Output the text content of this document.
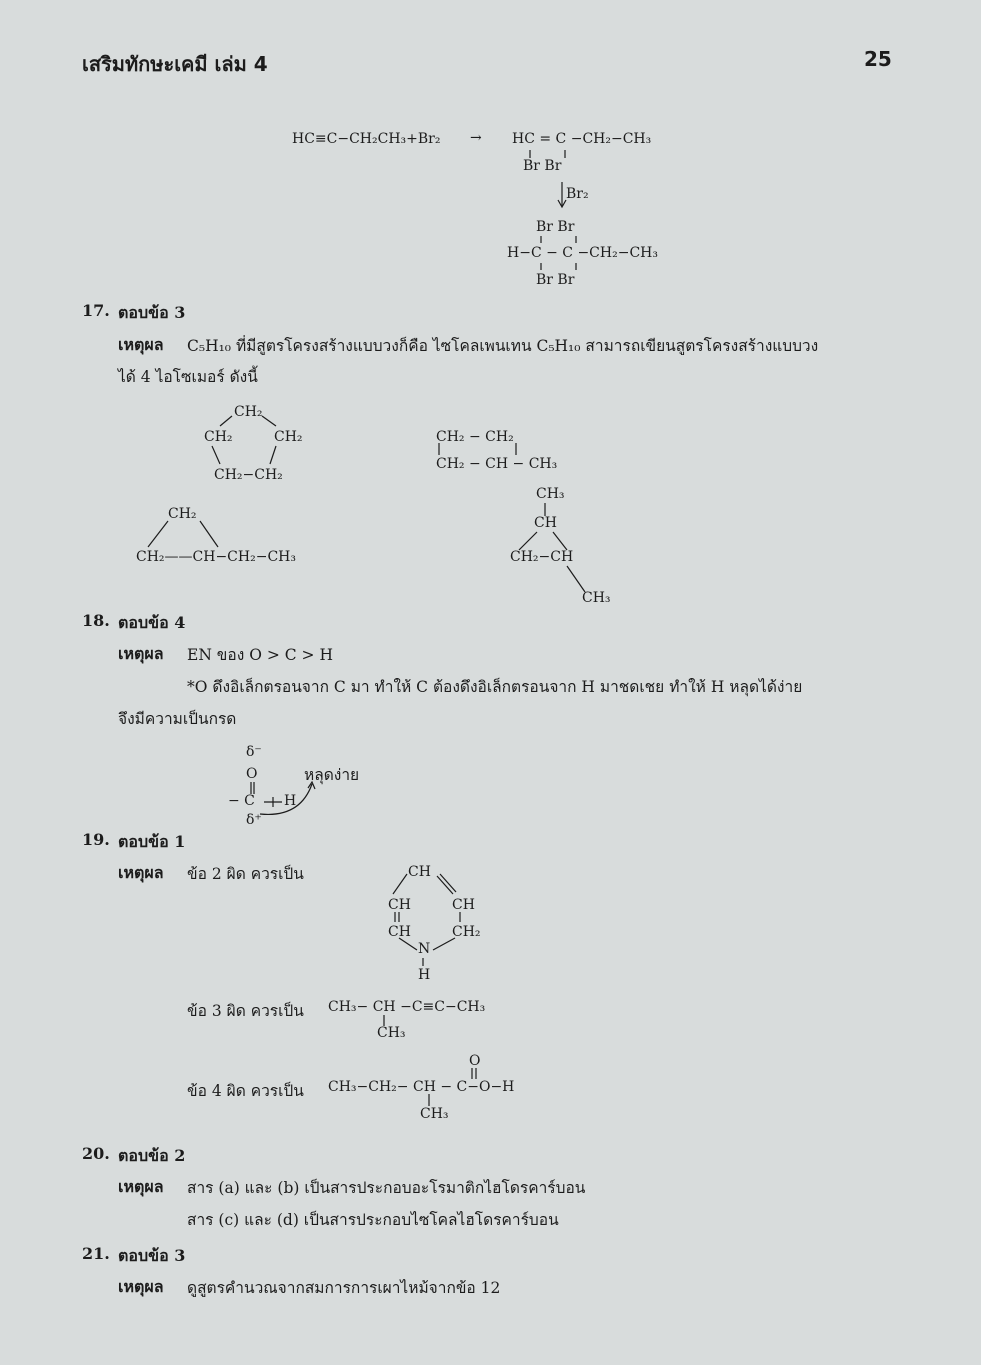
เสริมทักษะเคมี เล่ม 4	25
HC≡C−CH₂CH₃+Br₂ → HC = C −CH₂−CH₃
Br Br
Br₂
Br Br
H−C − C −CH₂−CH₃
Br Br
17. ตอบข้อ 3
เหตุผล C₅H₁₀ ที่มีสูตรโครงสร้างแบบวงก็คือ ไซโคลเพนเทน C₅H₁₀ สามารถเขียนสูตรโครงสร้างแบบวง
ได้ 4 ไอโซเมอร์ ดังนี้
CH₂
CH₂	CH₂
CH₂−CH₂
CH₂ − CH₂
CH₂ − CH − CH₃
CH₂
CH₂——CH−CH₂−CH₃
CH₃
CH
CH₂−CH
CH₃
18. ตอบข้อ 4
เหตุผล EN ของ O > C > H
*O ดึงอิเล็กตรอนจาก C มา ทำให้ C ต้องดึงอิเล็กตรอนจาก H มาชดเชย ทำให้ H หลุดได้ง่าย
จึงมีความเป็นกรด
δ⁻
O
− C H
δ⁺
หลุดง่าย
19. ตอบข้อ 1
เหตุผล ข้อ 2 ผิด ควรเป็น	CH
CH	CH
CH	CH₂
N
H
ข้อ 3 ผิด ควรเป็น CH₃− CH −C≡C−CH₃
CH₃
O
ข้อ 4 ผิด ควรเป็น CH₃−CH₂− CH − C−O−H
CH₃
20. ตอบข้อ 2
เหตุผล สาร (a) และ (b) เป็นสารประกอบอะโรมาติกไฮโดรคาร์บอน
สาร (c) และ (d) เป็นสารประกอบไซโคลไฮโดรคาร์บอน
21. ตอบข้อ 3
เหตุผล ดูสูตรคำนวณจากสมการการเผาไหม้จากข้อ 12
